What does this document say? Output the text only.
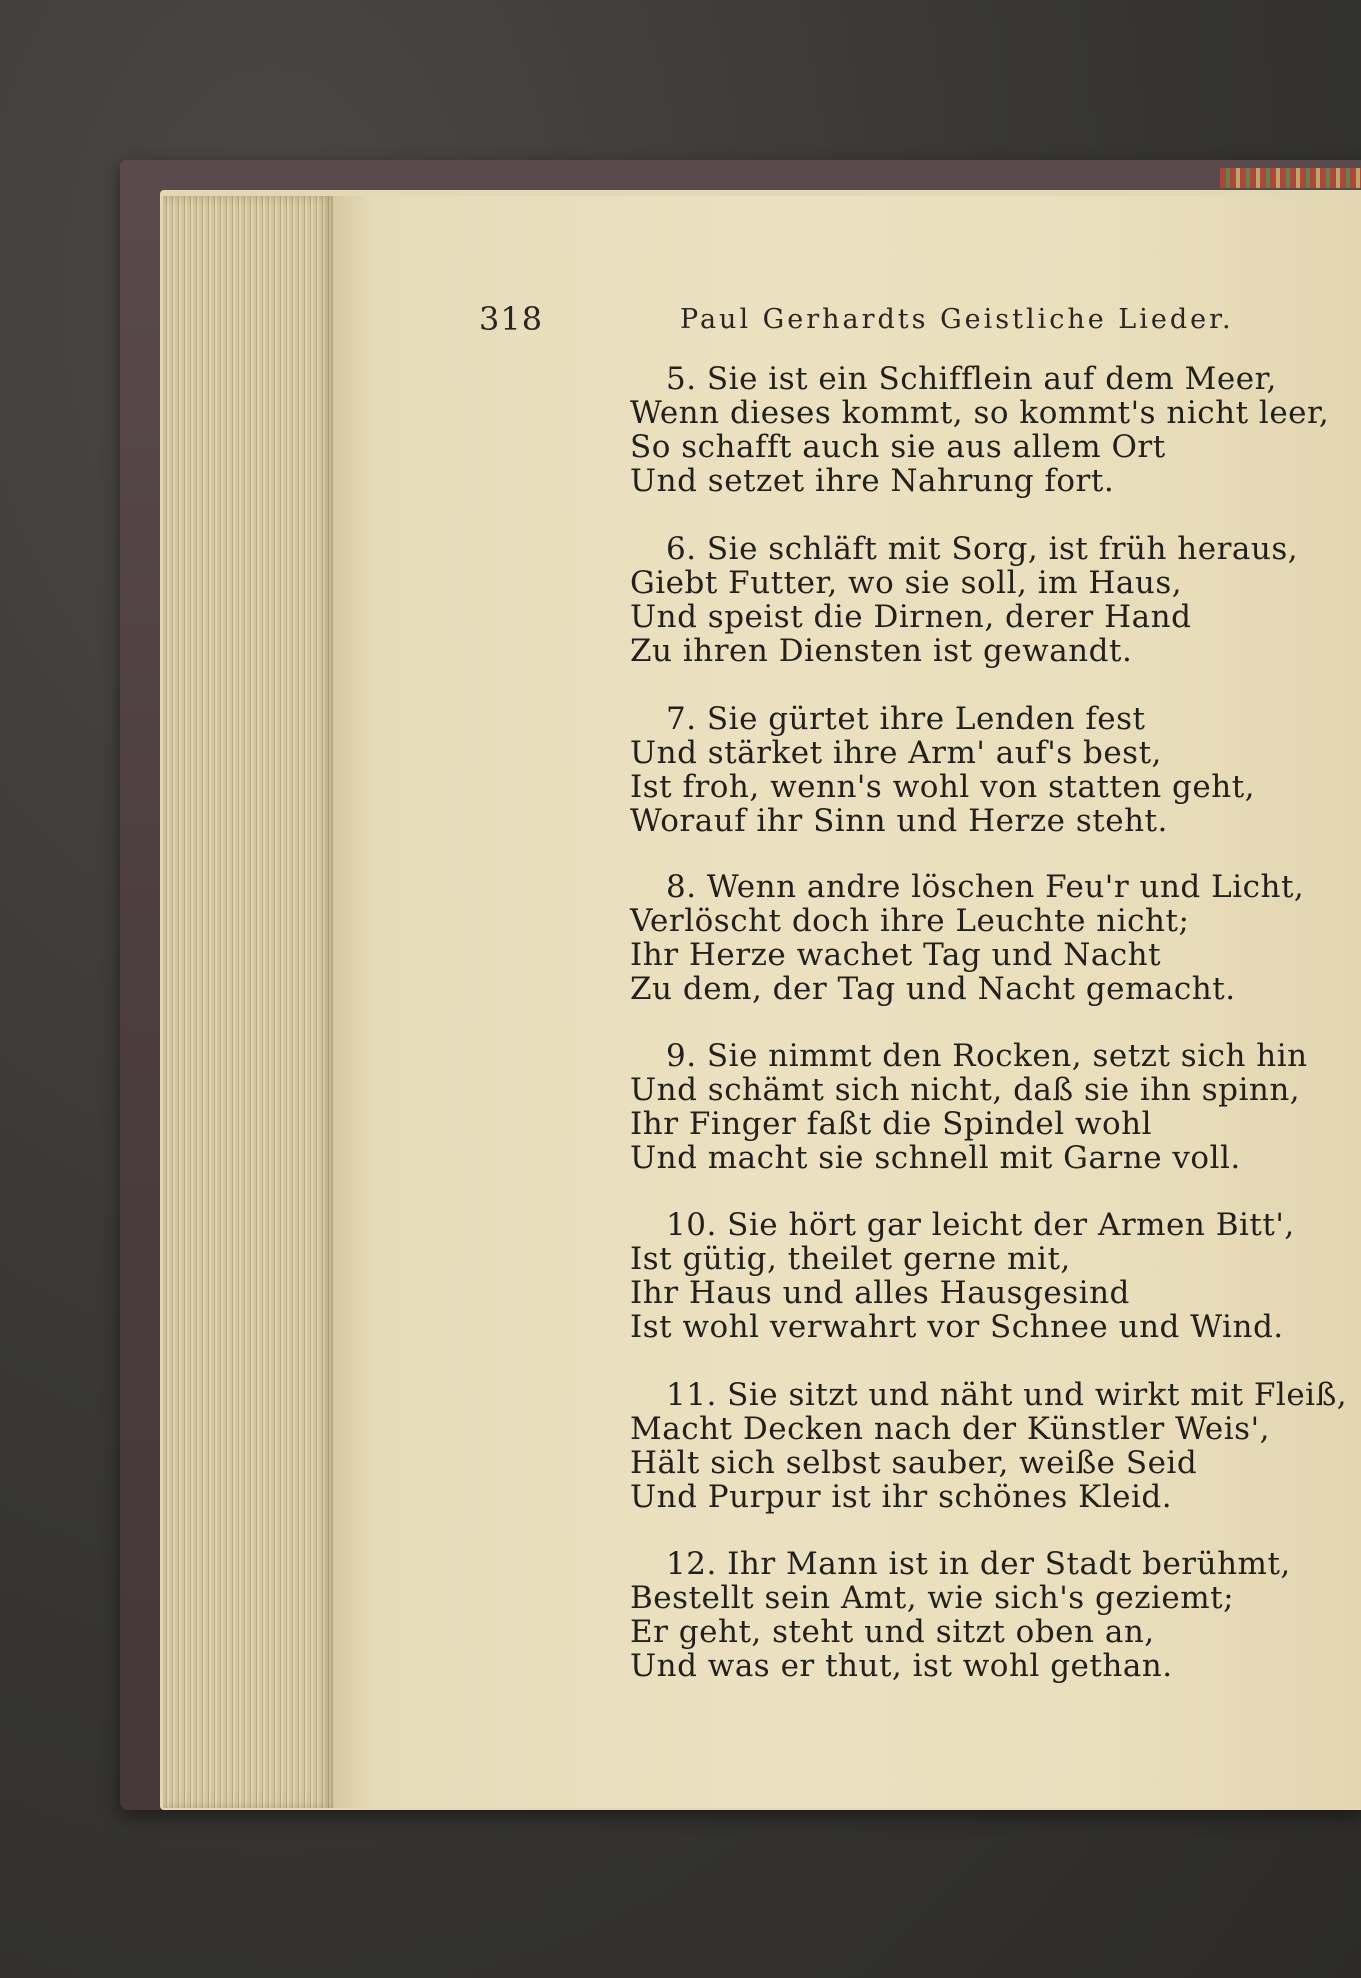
318	Paul Gerhardts Geistliche Lieder.
5. Sie ist ein Schifflein auf dem Meer,
Wenn dieses kommt, so kommt's nicht leer,
So schafft auch sie aus allem Ort
Und setzet ihre Nahrung fort.
6. Sie schläft mit Sorg, ist früh heraus,
Giebt Futter, wo sie soll, im Haus,
Und speist die Dirnen, derer Hand
Zu ihren Diensten ist gewandt.
7. Sie gürtet ihre Lenden fest
Und stärket ihre Arm' auf's best,
Ist froh, wenn's wohl von statten geht,
Worauf ihr Sinn und Herze steht.
8. Wenn andre löschen Feu'r und Licht,
Verlöscht doch ihre Leuchte nicht;
Ihr Herze wachet Tag und Nacht
Zu dem, der Tag und Nacht gemacht.
9. Sie nimmt den Rocken, setzt sich hin
Und schämt sich nicht, daß sie ihn spinn,
Ihr Finger faßt die Spindel wohl
Und macht sie schnell mit Garne voll.
10. Sie hört gar leicht der Armen Bitt',
Ist gütig, theilet gerne mit,
Ihr Haus und alles Hausgesind
Ist wohl verwahrt vor Schnee und Wind.
11. Sie sitzt und näht und wirkt mit Fleiß,
Macht Decken nach der Künstler Weis',
Hält sich selbst sauber, weiße Seid
Und Purpur ist ihr schönes Kleid.
12. Ihr Mann ist in der Stadt berühmt,
Bestellt sein Amt, wie sich's geziemt;
Er geht, steht und sitzt oben an,
Und was er thut, ist wohl gethan.
